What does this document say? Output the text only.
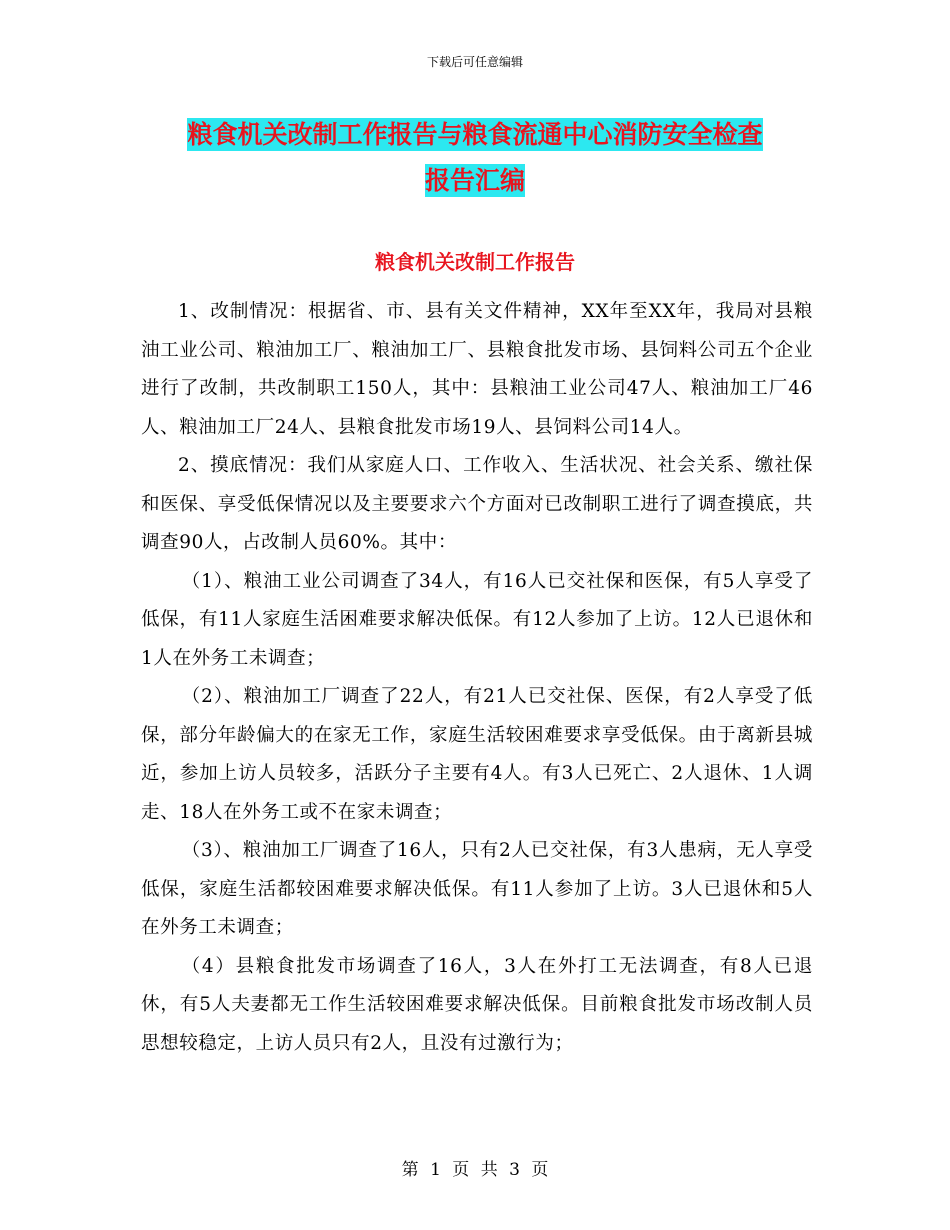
下载后可任意编辑
粮食机关改制工作报告与粮食流通中心消防安全检查
报告汇编
粮食机关改制工作报告

1、改制情况：根据省、市、县有关文件精神，XX年至XX年，我局对县粮油工业公司、粮油加工厂、粮油加工厂、县粮食批发市场、县饲料公司五个企业进行了改制，共改制职工150人，其中：县粮油工业公司47人、粮油加工厂46人、粮油加工厂24人、县粮食批发市场19人、县饲料公司14人。

2、摸底情况：我们从家庭人口、工作收入、生活状况、社会关系、缴社保和医保、享受低保情况以及主要要求六个方面对已改制职工进行了调查摸底，共调查90人，占改制人员60%。其中：

（1）、粮油工业公司调查了34人，有16人已交社保和医保，有5人享受了低保，有11人家庭生活困难要求解决低保。有12人参加了上访。12人已退休和1人在外务工未调查；

（2）、粮油加工厂调查了22人，有21人已交社保、医保，有2人享受了低保，部分年龄偏大的在家无工作，家庭生活较困难要求享受低保。由于离新县城近，参加上访人员较多，活跃分子主要有4人。有3人已死亡、2人退休、1人调走、18人在外务工或不在家未调查；

（3）、粮油加工厂调查了16人，只有2人已交社保，有3人患病，无人享受低保，家庭生活都较困难要求解决低保。有11人参加了上访。3人已退休和5人在外务工未调查；

（4）县粮食批发市场调查了16人，3人在外打工无法调查，有8人已退休，有5人夫妻都无工作生活较困难要求解决低保。目前粮食批发市场改制人员思想较稳定，上访人员只有2人，且没有过激行为；

第 1 页 共 3 页
